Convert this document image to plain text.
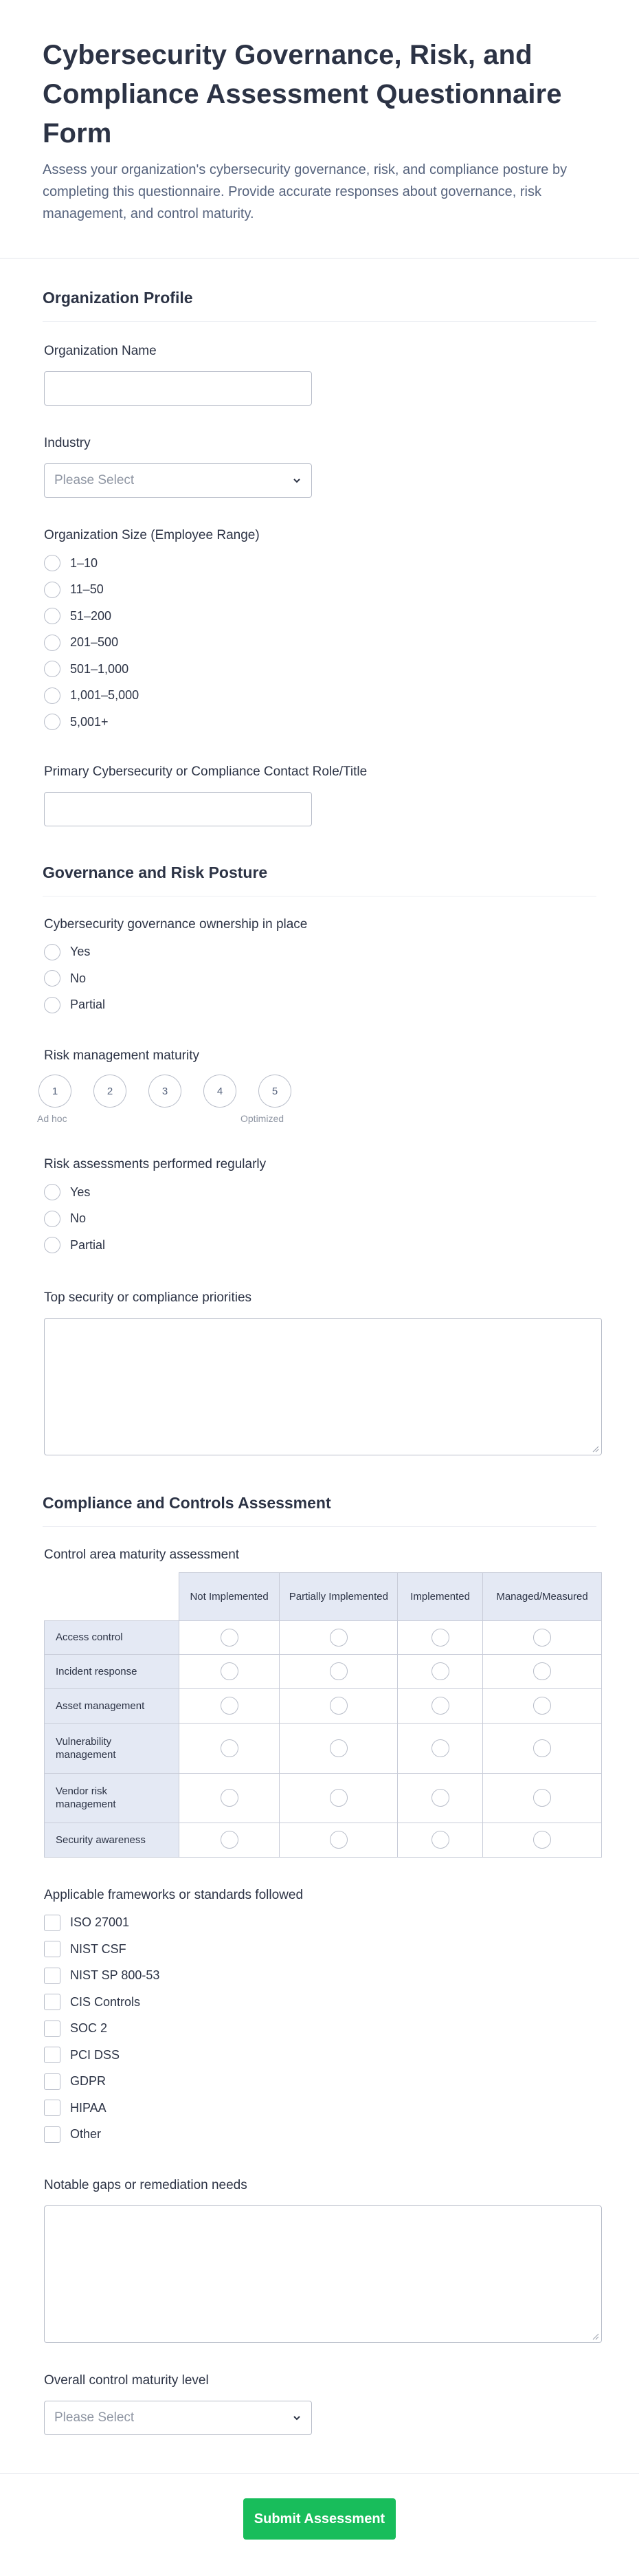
Cybersecurity Governance, Risk, and Compliance Assessment Questionnaire Form

Assess your organization's cybersecurity governance, risk, and compliance posture by completing this questionnaire. Provide accurate responses about governance, risk management, and control maturity.

Organization Profile
Organization Name
Industry
Please Select
Organization Size (Employee Range)
1–10
11–50
51–200
201–500
501–1,000
1,001–5,000
5,001+
Primary Cybersecurity or Compliance Contact Role/Title
Governance and Risk Posture
Cybersecurity governance ownership in place
Yes
No
Partial
Risk management maturity
1	2	3	4	5
Ad hoc	Optimized
Risk assessments performed regularly
Yes
No
Partial
Top security or compliance priorities
Compliance and Controls Assessment
Control area maturity assessment
	Not Implemented	Partially Implemented	Implemented	Managed/Measured
Access control				
Incident response				
Asset management				
Vulnerability management				
Vendor risk management				
Security awareness				
Applicable frameworks or standards followed
ISO 27001
NIST CSF
NIST SP 800-53
CIS Controls
SOC 2
PCI DSS
GDPR
HIPAA
Other
Notable gaps or remediation needs
Overall control maturity level
Please Select
Submit Assessment
